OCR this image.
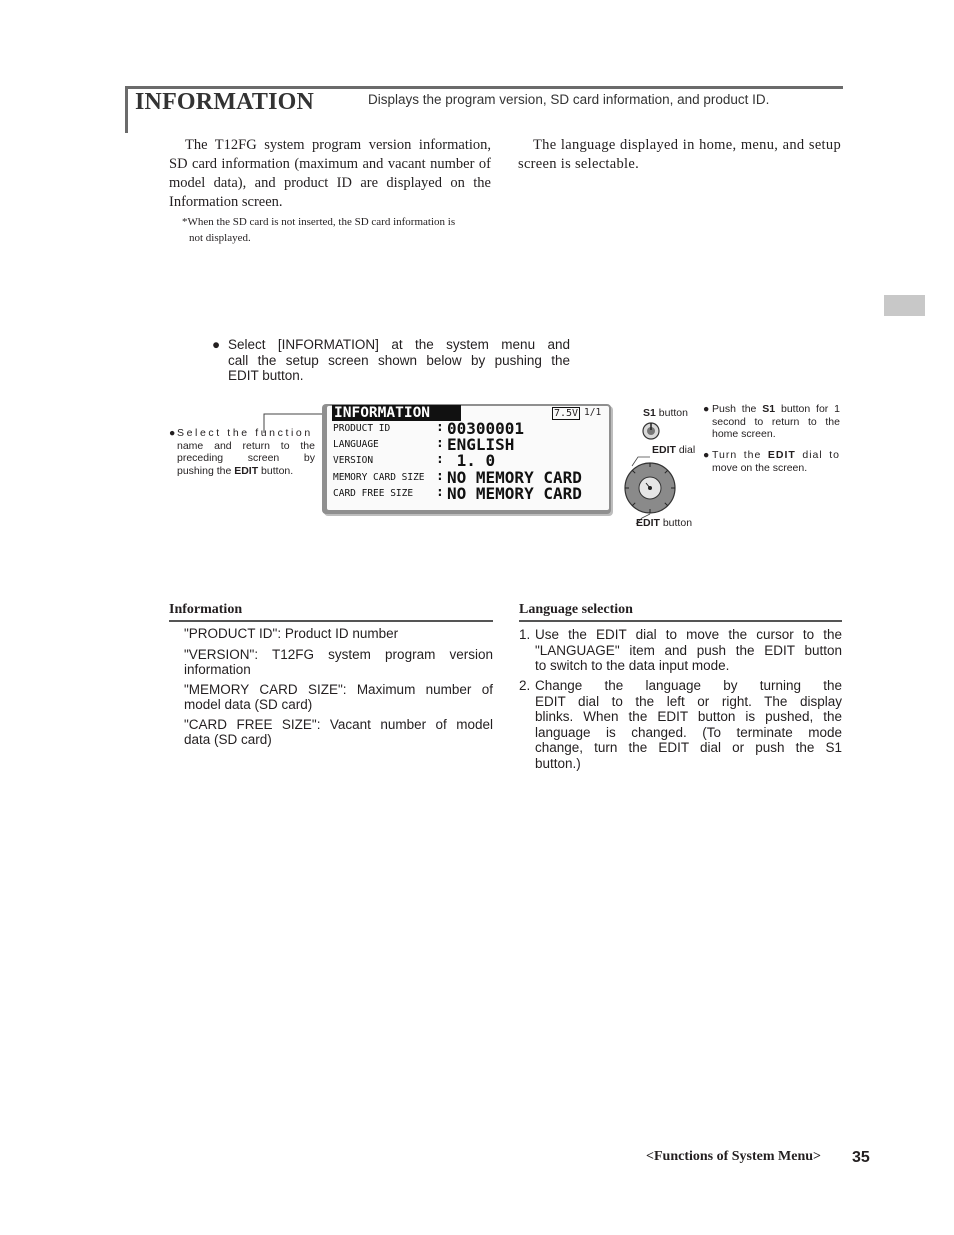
INFORMATION	Displays the program version, SD card information, and product ID.
The T12FG system program version information, SD card information (maximum and vacant number of model data), and product ID are displayed on the Information screen.
*When the SD card is not inserted, the SD card information is
not displayed.
The language displayed in home, menu, and setup screen is selectable.
● Select [INFORMATION] at the system menu and
call the setup screen shown below by pushing the
EDIT button.
● Select the function
name and return to the
preceding screen by
pushing the EDIT button.
INFORMATION	7.5V 1/1
PRODUCT ID	: 00300001
LANGUAGE	: ENGLISH
VERSION	: 1. 0
MEMORY CARD SIZE : NO MEMORY CARD
CARD FREE SIZE : NO MEMORY CARD
S1 button
EDIT dial
EDIT button
● Push the S1 button for 1
second to return to the
home screen.
● Turn the EDIT dial to
move on the screen.
Information
"PRODUCT ID": Product ID number
"VERSION": T12FG system program version
information
"MEMORY CARD SIZE": Maximum number of
model data (SD card)
"CARD FREE SIZE": Vacant number of model
data (SD card)
Language selection
1. Use the EDIT dial to move the cursor to the
"LANGUAGE" item and push the EDIT button
to switch to the data input mode.
2. Change the language by turning the
EDIT dial to the left or right. The display
blinks. When the EDIT button is pushed, the
language is changed. (To terminate mode
change, turn the EDIT dial or push the S1
button.)
<Functions of System Menu> 35
